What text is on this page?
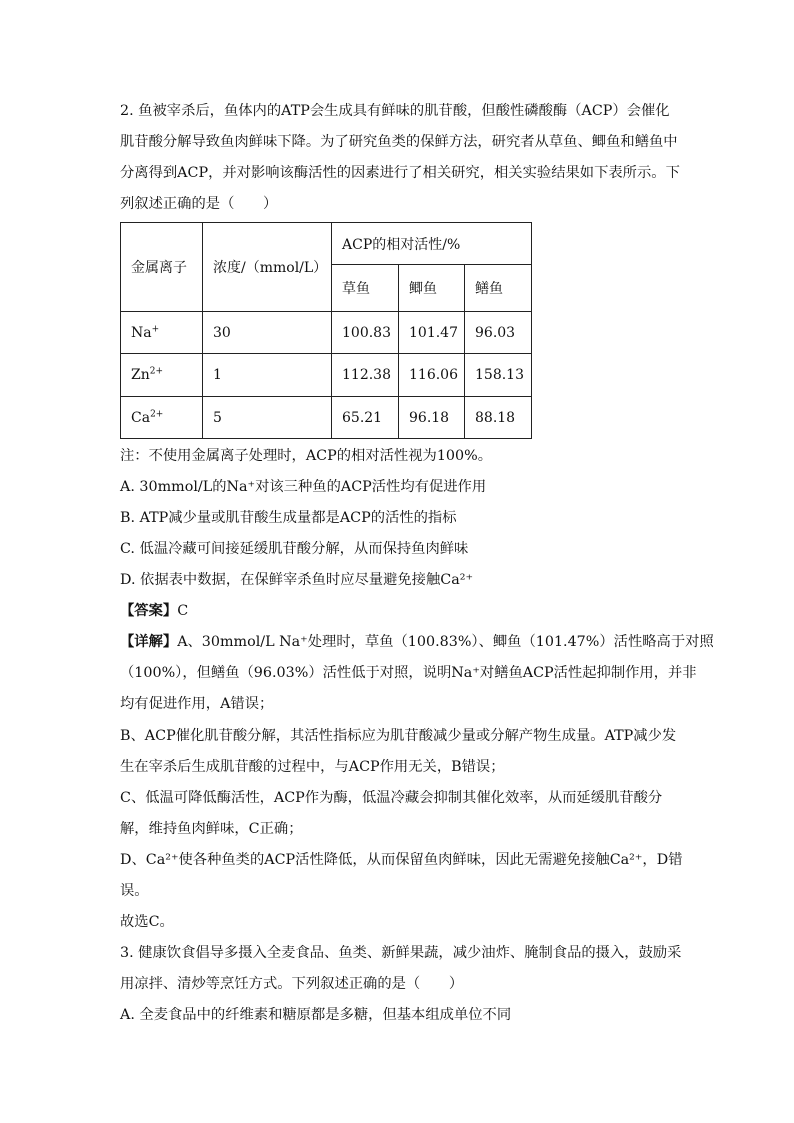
2. 鱼被宰杀后，鱼体内的ATP会生成具有鲜味的肌苷酸，但酸性磷酸酶（ACP）会催化
肌苷酸分解导致鱼肉鲜味下降。为了研究鱼类的保鲜方法，研究者从草鱼、鲫鱼和鳝鱼中
分离得到ACP，并对影响该酶活性的因素进行了相关研究，相关实验结果如下表所示。下
列叙述正确的是（　　）
金属离子	浓度/（mmol/L）	ACP的相对活性/%		
		草鱼	鲫鱼	鳝鱼
Na+	30	100.83	101.47	96.03
$Zn^{2+}$	1	112.38	116.06	158.13
$Ca^{2+}$	5	65.21	96.18	88.18
注：不使用金属离子处理时，ACP的相对活性视为100%。
A. 30mmol/L的Na⁺对该三种鱼的ACP活性均有促进作用
B. ATP减少量或肌苷酸生成量都是ACP的活性的指标
C. 低温冷藏可间接延缓肌苷酸分解，从而保持鱼肉鲜味
D. 依据表中数据，在保鲜宰杀鱼时应尽量避免接触Ca²⁺
【答案】C
【详解】A、30mmol/L Na⁺处理时，草鱼（100.83%）、鲫鱼（101.47%）活性略高于对照
（100%），但鳝鱼（96.03%）活性低于对照，说明Na⁺对鳝鱼ACP活性起抑制作用，并非
均有促进作用，A错误；
B、ACP催化肌苷酸分解，其活性指标应为肌苷酸减少量或分解产物生成量。ATP减少发
生在宰杀后生成肌苷酸的过程中，与ACP作用无关，B错误；
C、低温可降低酶活性，ACP作为酶，低温冷藏会抑制其催化效率，从而延缓肌苷酸分
解，维持鱼肉鲜味，C正确；
D、Ca²⁺使各种鱼类的ACP活性降低，从而保留鱼肉鲜味，因此无需避免接触Ca²⁺，D错
误。
故选C。
3. 健康饮食倡导多摄入全麦食品、鱼类、新鲜果蔬，减少油炸、腌制食品的摄入，鼓励采
用凉拌、清炒等烹饪方式。下列叙述正确的是（　　）
A. 全麦食品中的纤维素和糖原都是多糖，但基本组成单位不同
